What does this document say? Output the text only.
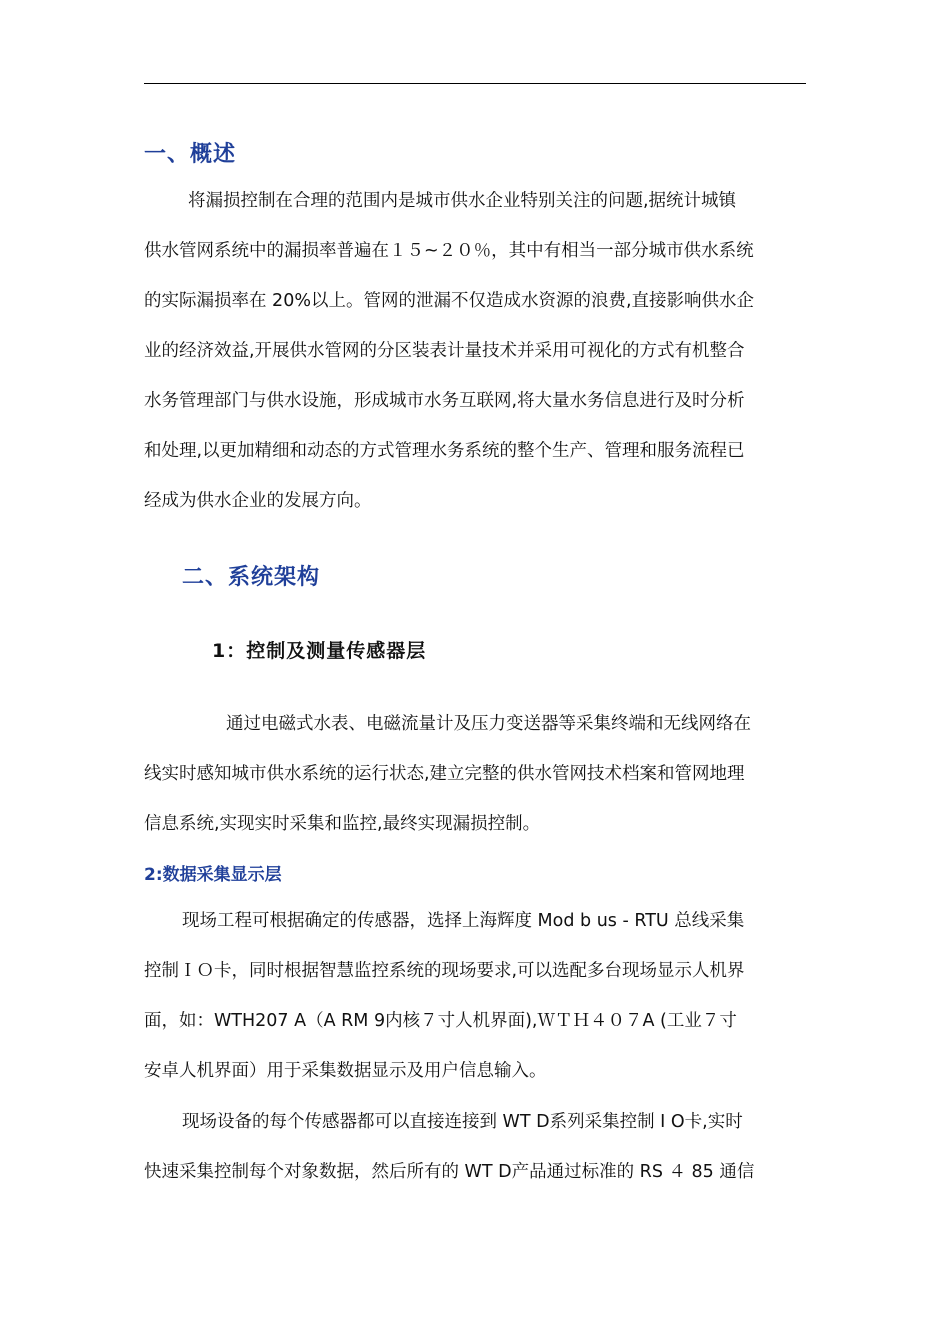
一、概述
将漏损控制在合理的范围内是城市供水企业特别关注的问题,据统计城镇
供水管网系统中的漏损率普遍在１５~２０％，其中有相当一部分城市供水系统
的实际漏损率在 20%以上。管网的泄漏不仅造成水资源的浪费,直接影响供水企
业的经济效益,开展供水管网的分区装表计量技术并采用可视化的方式有机整合
水务管理部门与供水设施，形成城市水务互联网,将大量水务信息进行及时分析
和处理,以更加精细和动态的方式管理水务系统的整个生产、管理和服务流程已
经成为供水企业的发展方向。
二、系统架构
1：控制及测量传感器层
通过电磁式水表、电磁流量计及压力变送器等采集终端和无线网络在
线实时感知城市供水系统的运行状态,建立完整的供水管网技术档案和管网地理
信息系统,实现实时采集和监控,最终实现漏损控制。
2:数据采集显示层
现场工程可根据确定的传感器，选择上海辉度 Mod b us - RTU 总线采集
控制ＩＯ卡，同时根据智慧监控系统的现场要求,可以选配多台现场显示人机界
面，如：WTH207 A（A RM 9内核７寸人机界面),ＷＴＨ４０７A (工业７寸
安卓人机界面）用于采集数据显示及用户信息输入。
现场设备的每个传感器都可以直接连接到 WT D系列采集控制 I O卡,实时
快速采集控制每个对象数据，然后所有的 WT D产品通过标准的 RS ４ 85 通信
